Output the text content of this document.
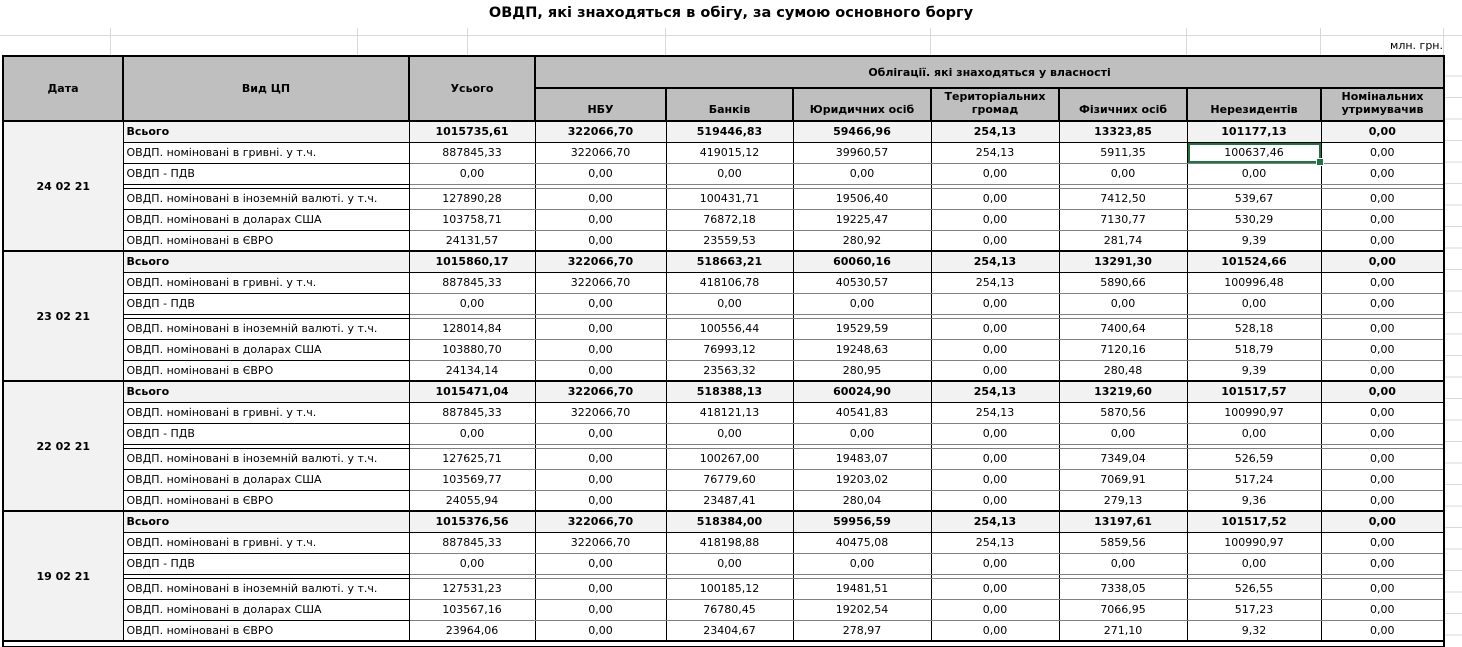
ОВДП, які знаходяться в обігу, за сумою основного боргу
млн. грн.
Дата	Вид ЦП	Усього	Облігації. які знаходяться у власності						
			НБУ	Банків	Юридичних осіб	Територіальних громад	Фізичних осіб	Нерезидентів	Номінальних утримувачив
24 02 21	Всього	1015735,61	322066,70	519446,83	59466,96	254,13	13323,85	101177,13	0,00
	ОВДП. номіновані в гривні. у т.ч.	887845,33	322066,70	419015,12	39960,57	254,13	5911,35	100637,46	0,00
	ОВДП - ПДВ	0,00	0,00	0,00	0,00	0,00	0,00	0,00	0,00

	ОВДП. номіновані в іноземній валюті. у т.ч.	127890,28	0,00	100431,71	19506,40	0,00	7412,50	539,67	0,00
	ОВДП. номіновані в доларах США	103758,71	0,00	76872,18	19225,47	0,00	7130,77	530,29	0,00
	ОВДП. номіновані в ЄВРО	24131,57	0,00	23559,53	280,92	0,00	281,74	9,39	0,00
23 02 21	Всього	1015860,17	322066,70	518663,21	60060,16	254,13	13291,30	101524,66	0,00
	ОВДП. номіновані в гривні. у т.ч.	887845,33	322066,70	418106,78	40530,57	254,13	5890,66	100996,48	0,00
	ОВДП - ПДВ	0,00	0,00	0,00	0,00	0,00	0,00	0,00	0,00

	ОВДП. номіновані в іноземній валюті. у т.ч.	128014,84	0,00	100556,44	19529,59	0,00	7400,64	528,18	0,00
	ОВДП. номіновані в доларах США	103880,70	0,00	76993,12	19248,63	0,00	7120,16	518,79	0,00
	ОВДП. номіновані в ЄВРО	24134,14	0,00	23563,32	280,95	0,00	280,48	9,39	0,00
22 02 21	Всього	1015471,04	322066,70	518388,13	60024,90	254,13	13219,60	101517,57	0,00
	ОВДП. номіновані в гривні. у т.ч.	887845,33	322066,70	418121,13	40541,83	254,13	5870,56	100990,97	0,00
	ОВДП - ПДВ	0,00	0,00	0,00	0,00	0,00	0,00	0,00	0,00

	ОВДП. номіновані в іноземній валюті. у т.ч.	127625,71	0,00	100267,00	19483,07	0,00	7349,04	526,59	0,00
	ОВДП. номіновані в доларах США	103569,77	0,00	76779,60	19203,02	0,00	7069,91	517,24	0,00
	ОВДП. номіновані в ЄВРО	24055,94	0,00	23487,41	280,04	0,00	279,13	9,36	0,00
19 02 21	Всього	1015376,56	322066,70	518384,00	59956,59	254,13	13197,61	101517,52	0,00
	ОВДП. номіновані в гривні. у т.ч.	887845,33	322066,70	418198,88	40475,08	254,13	5859,56	100990,97	0,00
	ОВДП - ПДВ	0,00	0,00	0,00	0,00	0,00	0,00	0,00	0,00

	ОВДП. номіновані в іноземній валюті. у т.ч.	127531,23	0,00	100185,12	19481,51	0,00	7338,05	526,55	0,00
	ОВДП. номіновані в доларах США	103567,16	0,00	76780,45	19202,54	0,00	7066,95	517,23	0,00
	ОВДП. номіновані в ЄВРО	23964,06	0,00	23404,67	278,97	0,00	271,10	9,32	0,00
